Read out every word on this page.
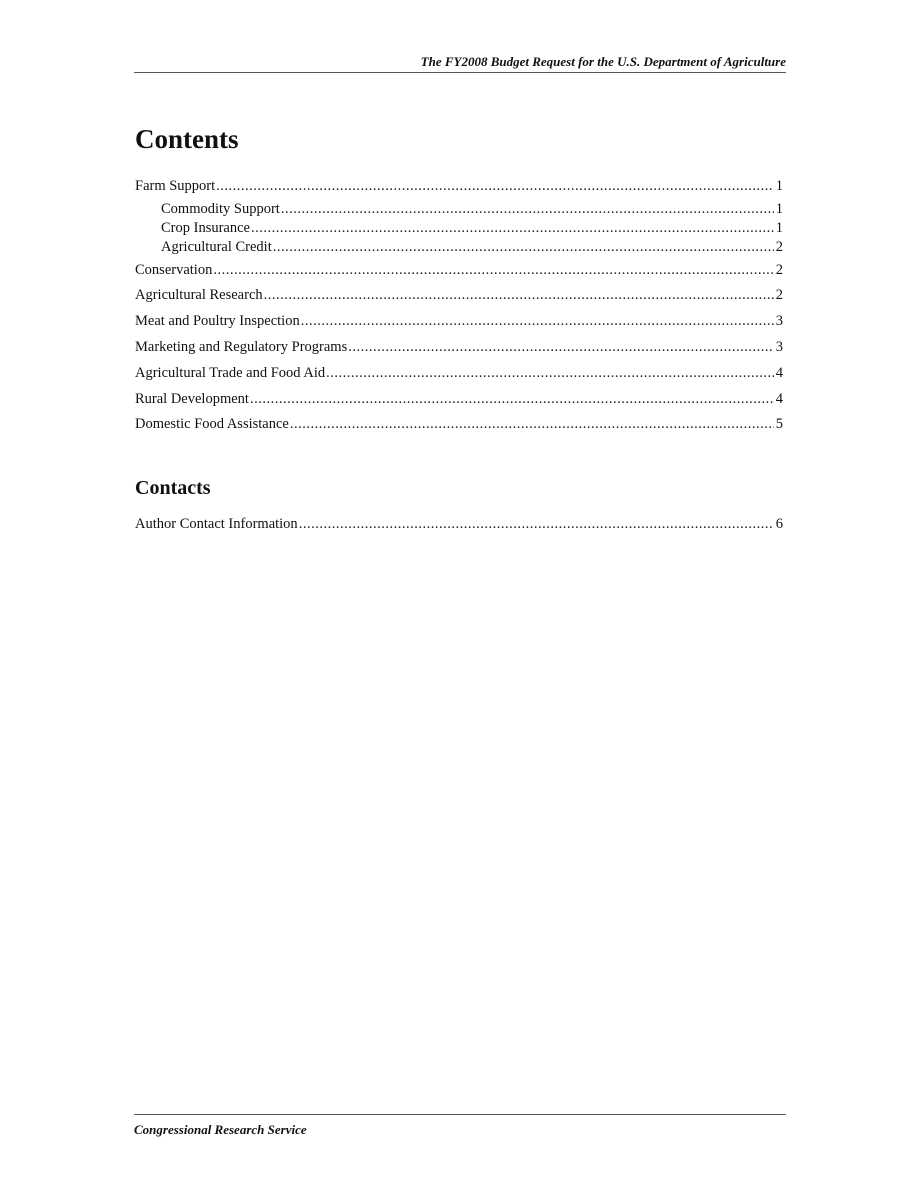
The FY2008 Budget Request for the U.S. Department of Agriculture
Contents
Farm Support .....	1
Commodity Support .....	1
Crop Insurance .....	1
Agricultural Credit .....	2
Conservation .....	2
Agricultural Research .....	2
Meat and Poultry Inspection .....	3
Marketing and Regulatory Programs .....	3
Agricultural Trade and Food Aid .....	4
Rural Development .....	4
Domestic Food Assistance .....	5
Contacts
Author Contact Information .....	6
Congressional Research Service
